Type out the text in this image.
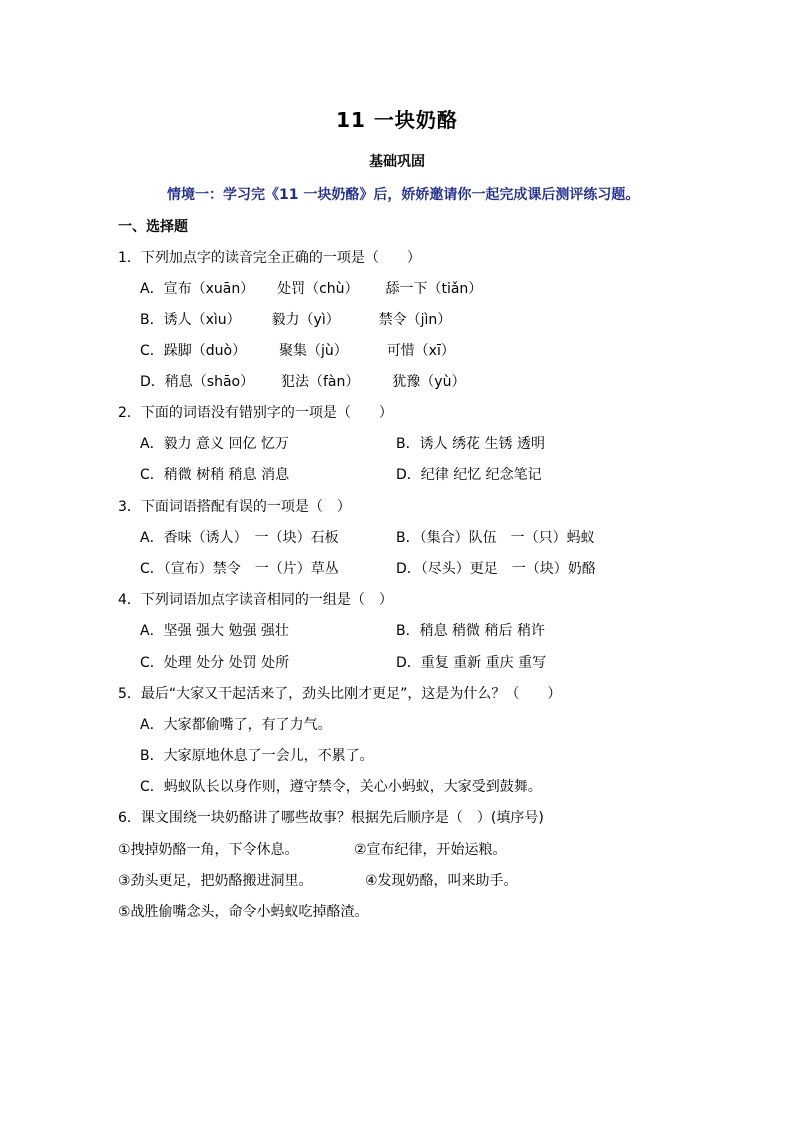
11 一块奶酪
基础巩固
情境一：学习完《11 一块奶酪》后，娇娇邀请你一起完成课后测评练习题。
一、选择题
1．下列加点字的读音完全正确的一项是（　　）
A．宣布（xuān） 处罚（chù） 舔一下（tiǎn）
B．诱人（xìu） 毅力（yì）	禁令（jìn）
C．跺脚（duò） 聚集（jù）	可惜（xī）
D．稍息（shāo） 犯法（fàn） 犹豫（yù）
2．下面的词语没有错别字的一项是（　　）
A．毅力 意义 回亿 忆万	B．诱人 绣花 生锈 透明
C．稍微 树稍 稍息 消息	D．纪律 纪忆 纪念笔记
3．下面词语搭配有误的一项是（　）
A．香味（诱人）　一（块）石板	B．（集合）队伍　一（只）蚂蚁
C．（宣布）禁令　一（片）草丛	D．（尽头）更足　一（块）奶酪
4．下列词语加点字读音相同的一组是（　）
A．坚强 强大 勉强 强壮	B．稍息 稍微 稍后 稍许
C．处理 处分 处罚 处所	D．重复 重新 重庆 重写
5．最后“大家又干起活来了，劲头比刚才更足”，这是为什么？（　　）
A．大家都偷嘴了，有了力气。
B．大家原地休息了一会儿，不累了。
C．蚂蚁队长以身作则，遵守禁令，关心小蚂蚁，大家受到鼓舞。
6．课文围绕一块奶酪讲了哪些故事？根据先后顺序是（　）(填序号)
①拽掉奶酪一角，下令休息。	②宣布纪律，开始运粮。
③劲头更足，把奶酪搬进洞里。	④发现奶酪，叫来助手。
⑤战胜偷嘴念头，命令小蚂蚁吃掉酪渣。
